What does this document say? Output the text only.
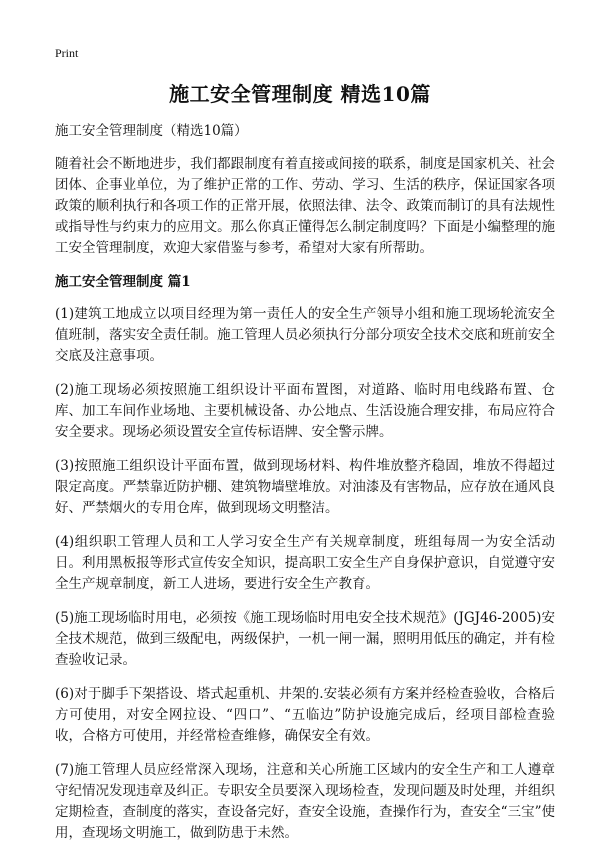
Print
施工安全管理制度 精选10篇

施工安全管理制度（精选10篇）

随着社会不断地进步，我们都跟制度有着直接或间接的联系，制度是国家机关、社会团体、企事业单位，为了维护正常的工作、劳动、学习、生活的秩序，保证国家各项政策的顺利执行和各项工作的正常开展，依照法律、法令、政策而制订的具有法规性或指导性与约束力的应用文。那么你真正懂得怎么制定制度吗？下面是小编整理的施工安全管理制度，欢迎大家借鉴与参考，希望对大家有所帮助。

施工安全管理制度 篇1

(1)建筑工地成立以项目经理为第一责任人的安全生产领导小组和施工现场轮流安全值班制，落实安全责任制。施工管理人员必须执行分部分项安全技术交底和班前安全交底及注意事项。

(2)施工现场必须按照施工组织设计平面布置图，对道路、临时用电线路布置、仓库、加工车间作业场地、主要机械设备、办公地点、生活设施合理安排，布局应符合安全要求。现场必须设置安全宣传标语牌、安全警示牌。

(3)按照施工组织设计平面布置，做到现场材料、构件堆放整齐稳固，堆放不得超过限定高度。严禁靠近防护棚、建筑物墙壁堆放。对油漆及有害物品，应存放在通风良好、严禁烟火的专用仓库，做到现场文明整洁。

(4)组织职工管理人员和工人学习安全生产有关规章制度，班组每周一为安全活动日。利用黑板报等形式宣传安全知识，提高职工安全生产自身保护意识，自觉遵守安全生产规章制度，新工人进场，要进行安全生产教育。

(5)施工现场临时用电，必须按《施工现场临时用电安全技术规范》(JGJ46-2005)安全技术规范，做到三级配电，两级保护，一机一闸一漏，照明用低压的确定，并有检查验收记录。

(6)对于脚手下架搭设、塔式起重机、井架的.安装必须有方案并经检查验收，合格后方可使用，对安全网拉设、“四口”、“五临边”防护设施完成后，经项目部检查验收，合格方可使用，并经常检查维修，确保安全有效。

(7)施工管理人员应经常深入现场，注意和关心所施工区域内的安全生产和工人遵章守纪情况发现违章及纠正。专职安全员要深入现场检查，发现问题及时处理，并组织定期检查，查制度的落实，查设备完好，查安全设施，查操作行为，查安全“三宝”使用，查现场文明施工，做到防患于未然。
